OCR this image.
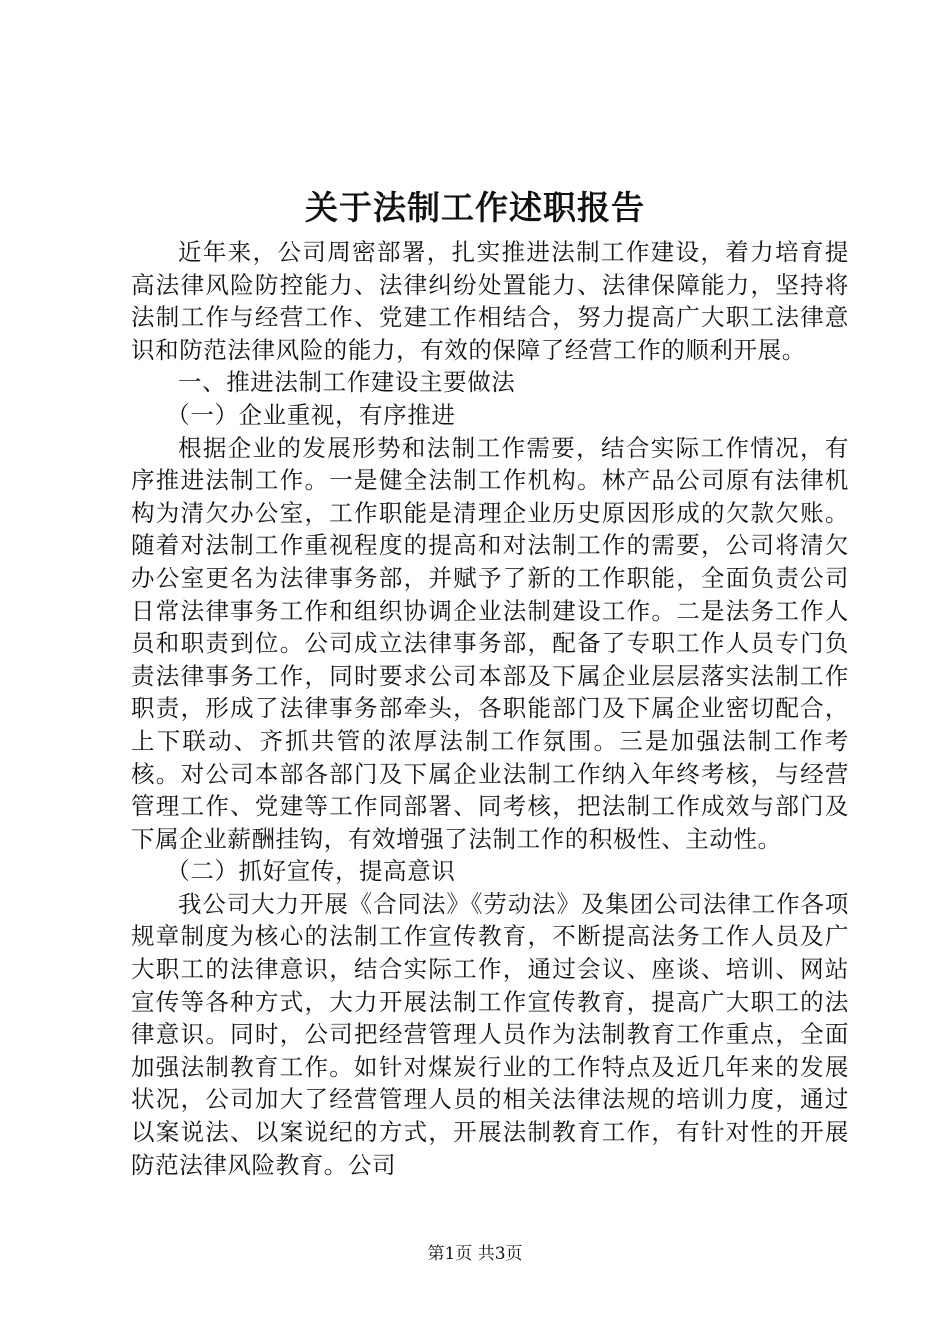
关于法制工作述职报告

近年来，公司周密部署，扎实推进法制工作建设，着力培育提高法律风险防控能力、法律纠纷处置能力、法律保障能力，坚持将法制工作与经营工作、党建工作相结合，努力提高广大职工法律意识和防范法律风险的能力，有效的保障了经营工作的顺利开展。

一、推进法制工作建设主要做法

（一）企业重视，有序推进

根据企业的发展形势和法制工作需要，结合实际工作情况，有序推进法制工作。一是健全法制工作机构。林产品公司原有法律机构为清欠办公室，工作职能是清理企业历史原因形成的欠款欠账。随着对法制工作重视程度的提高和对法制工作的需要，公司将清欠办公室更名为法律事务部，并赋予了新的工作职能，全面负责公司日常法律事务工作和组织协调企业法制建设工作。二是法务工作人员和职责到位。公司成立法律事务部，配备了专职工作人员专门负责法律事务工作，同时要求公司本部及下属企业层层落实法制工作职责，形成了法律事务部牵头，各职能部门及下属企业密切配合，上下联动、齐抓共管的浓厚法制工作氛围。三是加强法制工作考核。对公司本部各部门及下属企业法制工作纳入年终考核，与经营管理工作、党建等工作同部署、同考核，把法制工作成效与部门及下属企业薪酬挂钩，有效增强了法制工作的积极性、主动性。

（二）抓好宣传，提高意识

我公司大力开展《合同法》《劳动法》及集团公司法律工作各项规章制度为核心的法制工作宣传教育，不断提高法务工作人员及广大职工的法律意识，结合实际工作，通过会议、座谈、培训、网站宣传等各种方式，大力开展法制工作宣传教育，提高广大职工的法律意识。同时，公司把经营管理人员作为法制教育工作重点，全面加强法制教育工作。如针对煤炭行业的工作特点及近几年来的发展状况，公司加大了经营管理人员的相关法律法规的培训力度，通过以案说法、以案说纪的方式，开展法制教育工作，有针对性的开展防范法律风险教育。公司

第1页 共3页
